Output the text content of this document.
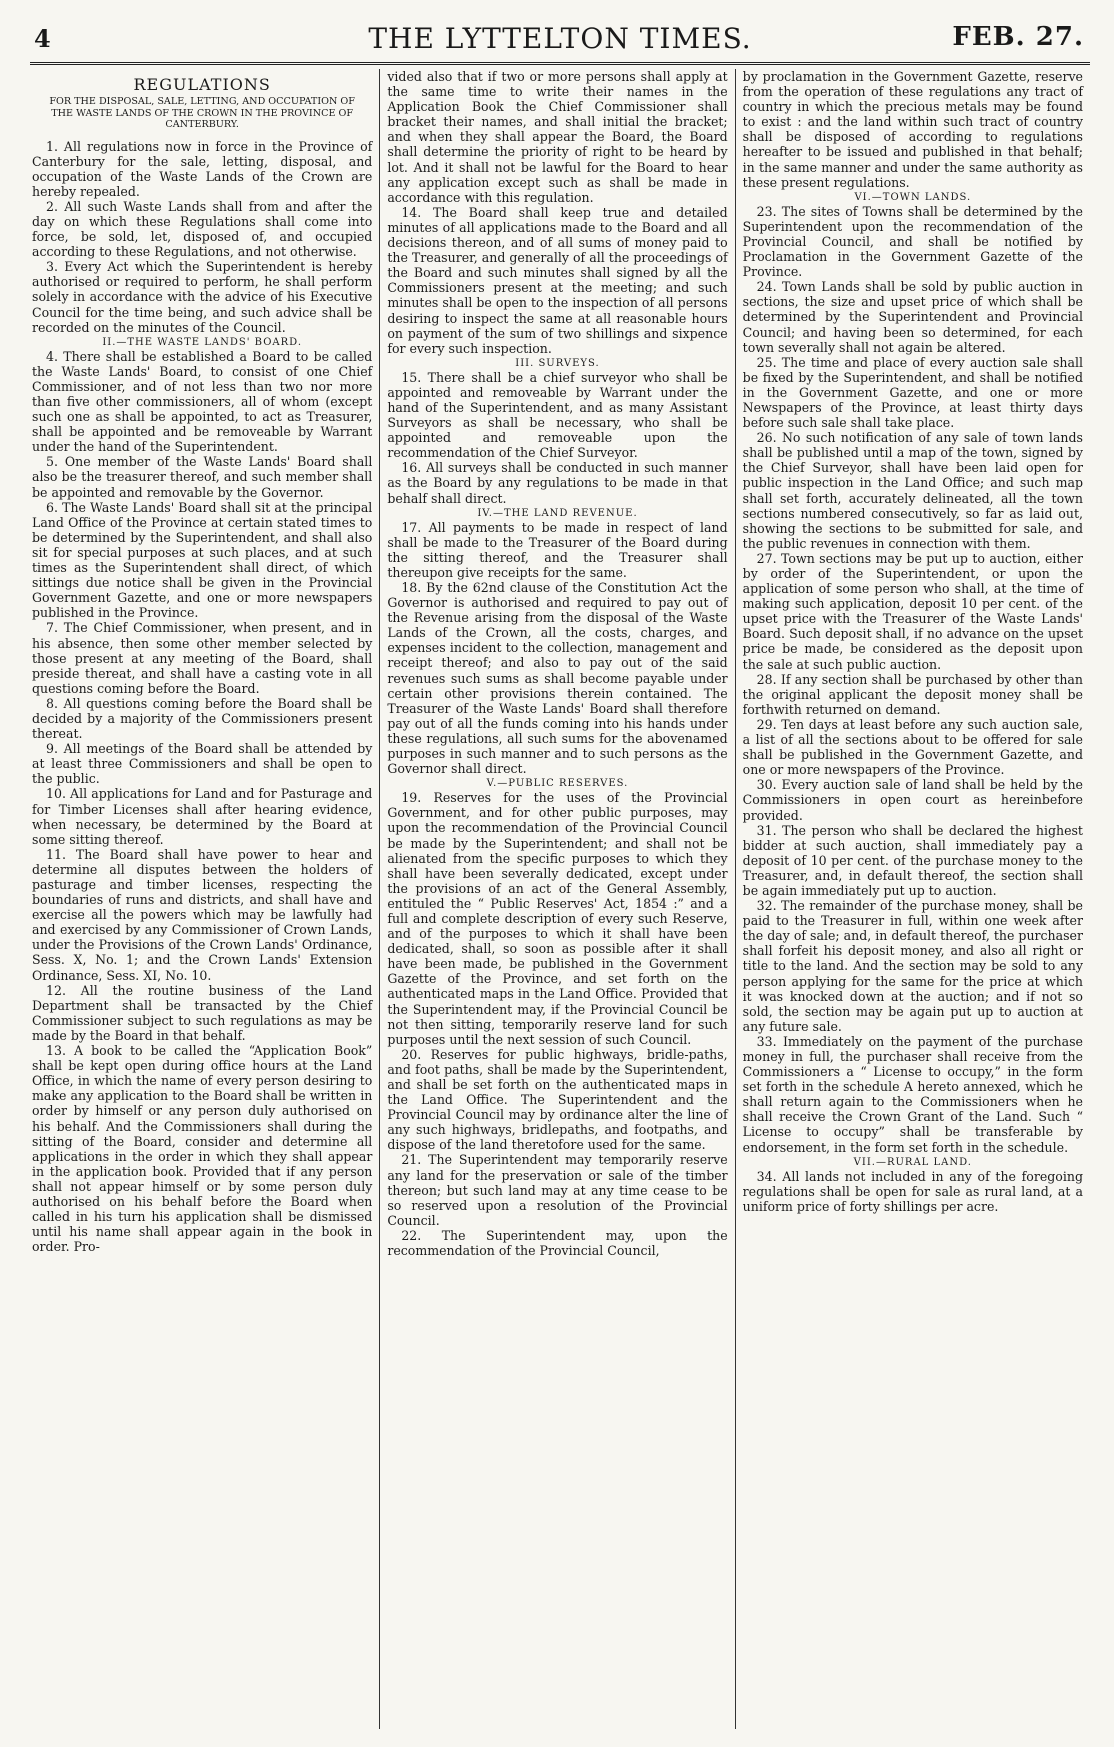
4	THE LYTTELTON TIMES.	FEB. 27.
REGULATIONS
FOR THE DISPOSAL, SALE, LETTING, AND OCCUPATION OF THE WASTE LANDS OF THE CROWN IN THE PROVINCE OF CANTERBURY.

1. All regulations now in force in the Province of Canterbury for the sale, letting, disposal, and occupation of the Waste Lands of the Crown are hereby repealed.

2. All such Waste Lands shall from and after the day on which these Regulations shall come into force, be sold, let, disposed of, and occupied according to these Regulations, and not otherwise.

3. Every Act which the Superintendent is hereby authorised or required to perform, he shall perform solely in accordance with the advice of his Executive Council for the time being, and such advice shall be recorded on the minutes of the Council.

II.—THE WASTE LANDS' BOARD.

4. There shall be established a Board to be called the Waste Lands' Board, to consist of one Chief Commissioner, and of not less than two nor more than five other commissioners, all of whom (except such one as shall be appointed, to act as Treasurer, shall be appointed and be removeable by Warrant under the hand of the Superintendent.

5. One member of the Waste Lands' Board shall also be the treasurer thereof, and such member shall be appointed and removable by the Governor.

6. The Waste Lands' Board shall sit at the principal Land Office of the Province at certain stated times to be determined by the Superintendent, and shall also sit for special purposes at such places, and at such times as the Superintendent shall direct, of which sittings due notice shall be given in the Provincial Government Gazette, and one or more newspapers published in the Province.

7. The Chief Commissioner, when present, and in his absence, then some other member selected by those present at any meeting of the Board, shall preside thereat, and shall have a casting vote in all questions coming before the Board.

8. All questions coming before the Board shall be decided by a majority of the Commissioners present thereat.

9. All meetings of the Board shall be attended by at least three Commissioners and shall be open to the public.

10. All applications for Land and for Pasturage and for Timber Licenses shall after hearing evidence, when necessary, be determined by the Board at some sitting thereof.

11. The Board shall have power to hear and determine all disputes between the holders of pasturage and timber licenses, respecting the boundaries of runs and districts, and shall have and exercise all the powers which may be lawfully had and exercised by any Commissioner of Crown Lands, under the Provisions of the Crown Lands' Ordinance, Sess. X, No. 1; and the Crown Lands' Extension Ordinance, Sess. XI, No. 10.

12. All the routine business of the Land Department shall be transacted by the Chief Commissioner subject to such regulations as may be made by the Board in that behalf.

13. A book to be called the “Application Book” shall be kept open during office hours at the Land Office, in which the name of every person desiring to make any application to the Board shall be written in order by himself or any person duly authorised on his behalf. And the Commissioners shall during the sitting of the Board, consider and determine all applications in the order in which they shall appear in the application book. Provided that if any person shall not appear himself or by some person duly authorised on his behalf before the Board when called in his turn his application shall be dismissed until his name shall appear again in the book in order. Pro-

vided also that if two or more persons shall apply at the same time to write their names in the Application Book the Chief Commissioner shall bracket their names, and shall initial the bracket; and when they shall appear the Board, the Board shall determine the priority of right to be heard by lot. And it shall not be lawful for the Board to hear any application except such as shall be made in accordance with this regulation.

14. The Board shall keep true and detailed minutes of all applications made to the Board and all decisions thereon, and of all sums of money paid to the Treasurer, and generally of all the proceedings of the Board and such minutes shall signed by all the Commissioners present at the meeting; and such minutes shall be open to the inspection of all persons desiring to inspect the same at all reasonable hours on payment of the sum of two shillings and sixpence for every such inspection.

III. SURVEYS.

15. There shall be a chief surveyor who shall be appointed and removeable by Warrant under the hand of the Superintendent, and as many Assistant Surveyors as shall be necessary, who shall be appointed and removeable upon the recommendation of the Chief Surveyor.

16. All surveys shall be conducted in such manner as the Board by any regulations to be made in that behalf shall direct.

IV.—THE LAND REVENUE.

17. All payments to be made in respect of land shall be made to the Treasurer of the Board during the sitting thereof, and the Treasurer shall thereupon give receipts for the same.

18. By the 62nd clause of the Constitution Act the Governor is authorised and required to pay out of the Revenue arising from the disposal of the Waste Lands of the Crown, all the costs, charges, and expenses incident to the collection, management and receipt thereof; and also to pay out of the said revenues such sums as shall become payable under certain other provisions therein contained. The Treasurer of the Waste Lands' Board shall therefore pay out of all the funds coming into his hands under these regulations, all such sums for the abovenamed purposes in such manner and to such persons as the Governor shall direct.

V.—PUBLIC RESERVES.

19. Reserves for the uses of the Provincial Government, and for other public purposes, may upon the recommendation of the Provincial Council be made by the Superintendent; and shall not be alienated from the specific purposes to which they shall have been severally dedicated, except under the provisions of an act of the General Assembly, entituled the “ Public Reserves' Act, 1854 :” and a full and complete description of every such Reserve, and of the purposes to which it shall have been dedicated, shall, so soon as possible after it shall have been made, be published in the Government Gazette of the Province, and set forth on the authenticated maps in the Land Office. Provided that the Superintendent may, if the Provincial Council be not then sitting, temporarily reserve land for such purposes until the next session of such Council.

20. Reserves for public highways, bridle-paths, and foot paths, shall be made by the Superintendent, and shall be set forth on the authenticated maps in the Land Office. The Superintendent and the Provincial Council may by ordinance alter the line of any such highways, bridlepaths, and footpaths, and dispose of the land theretofore used for the same.

21. The Superintendent may temporarily reserve any land for the preservation or sale of the timber thereon; but such land may at any time cease to be so reserved upon a resolution of the Provincial Council.

22. The Superintendent may, upon the recommendation of the Provincial Council,

by proclamation in the Government Gazette, reserve from the operation of these regulations any tract of country in which the precious metals may be found to exist : and the land within such tract of country shall be disposed of according to regulations hereafter to be issued and published in that behalf; in the same manner and under the same authority as these present regulations.

VI.—TOWN LANDS.

23. The sites of Towns shall be determined by the Superintendent upon the recommendation of the Provincial Council, and shall be notified by Proclamation in the Government Gazette of the Province.

24. Town Lands shall be sold by public auction in sections, the size and upset price of which shall be determined by the Superintendent and Provincial Council; and having been so determined, for each town severally shall not again be altered.

25. The time and place of every auction sale shall be fixed by the Superintendent, and shall be notified in the Government Gazette, and one or more Newspapers of the Province, at least thirty days before such sale shall take place.

26. No such notification of any sale of town lands shall be published until a map of the town, signed by the Chief Surveyor, shall have been laid open for public inspection in the Land Office; and such map shall set forth, accurately delineated, all the town sections numbered consecutively, so far as laid out, showing the sections to be submitted for sale, and the public revenues in connection with them.

27. Town sections may be put up to auction, either by order of the Superintendent, or upon the application of some person who shall, at the time of making such application, deposit 10 per cent. of the upset price with the Treasurer of the Waste Lands' Board. Such deposit shall, if no advance on the upset price be made, be considered as the deposit upon the sale at such public auction.

28. If any section shall be purchased by other than the original applicant the deposit money shall be forthwith returned on demand.

29. Ten days at least before any such auction sale, a list of all the sections about to be offered for sale shall be published in the Government Gazette, and one or more newspapers of the Province.

30. Every auction sale of land shall be held by the Commissioners in open court as hereinbefore provided.

31. The person who shall be declared the highest bidder at such auction, shall immediately pay a deposit of 10 per cent. of the purchase money to the Treasurer, and, in default thereof, the section shall be again immediately put up to auction.

32. The remainder of the purchase money, shall be paid to the Treasurer in full, within one week after the day of sale; and, in default thereof, the purchaser shall forfeit his deposit money, and also all right or title to the land. And the section may be sold to any person applying for the same for the price at which it was knocked down at the auction; and if not so sold, the section may be again put up to auction at any future sale.

33. Immediately on the payment of the purchase money in full, the purchaser shall receive from the Commissioners a “ License to occupy,” in the form set forth in the schedule A hereto annexed, which he shall return again to the Commissioners when he shall receive the Crown Grant of the Land. Such “ License to occupy” shall be transferable by endorsement, in the form set forth in the schedule.

VII.—RURAL LAND.

34. All lands not included in any of the foregoing regulations shall be open for sale as rural land, at a uniform price of forty shillings per acre.
